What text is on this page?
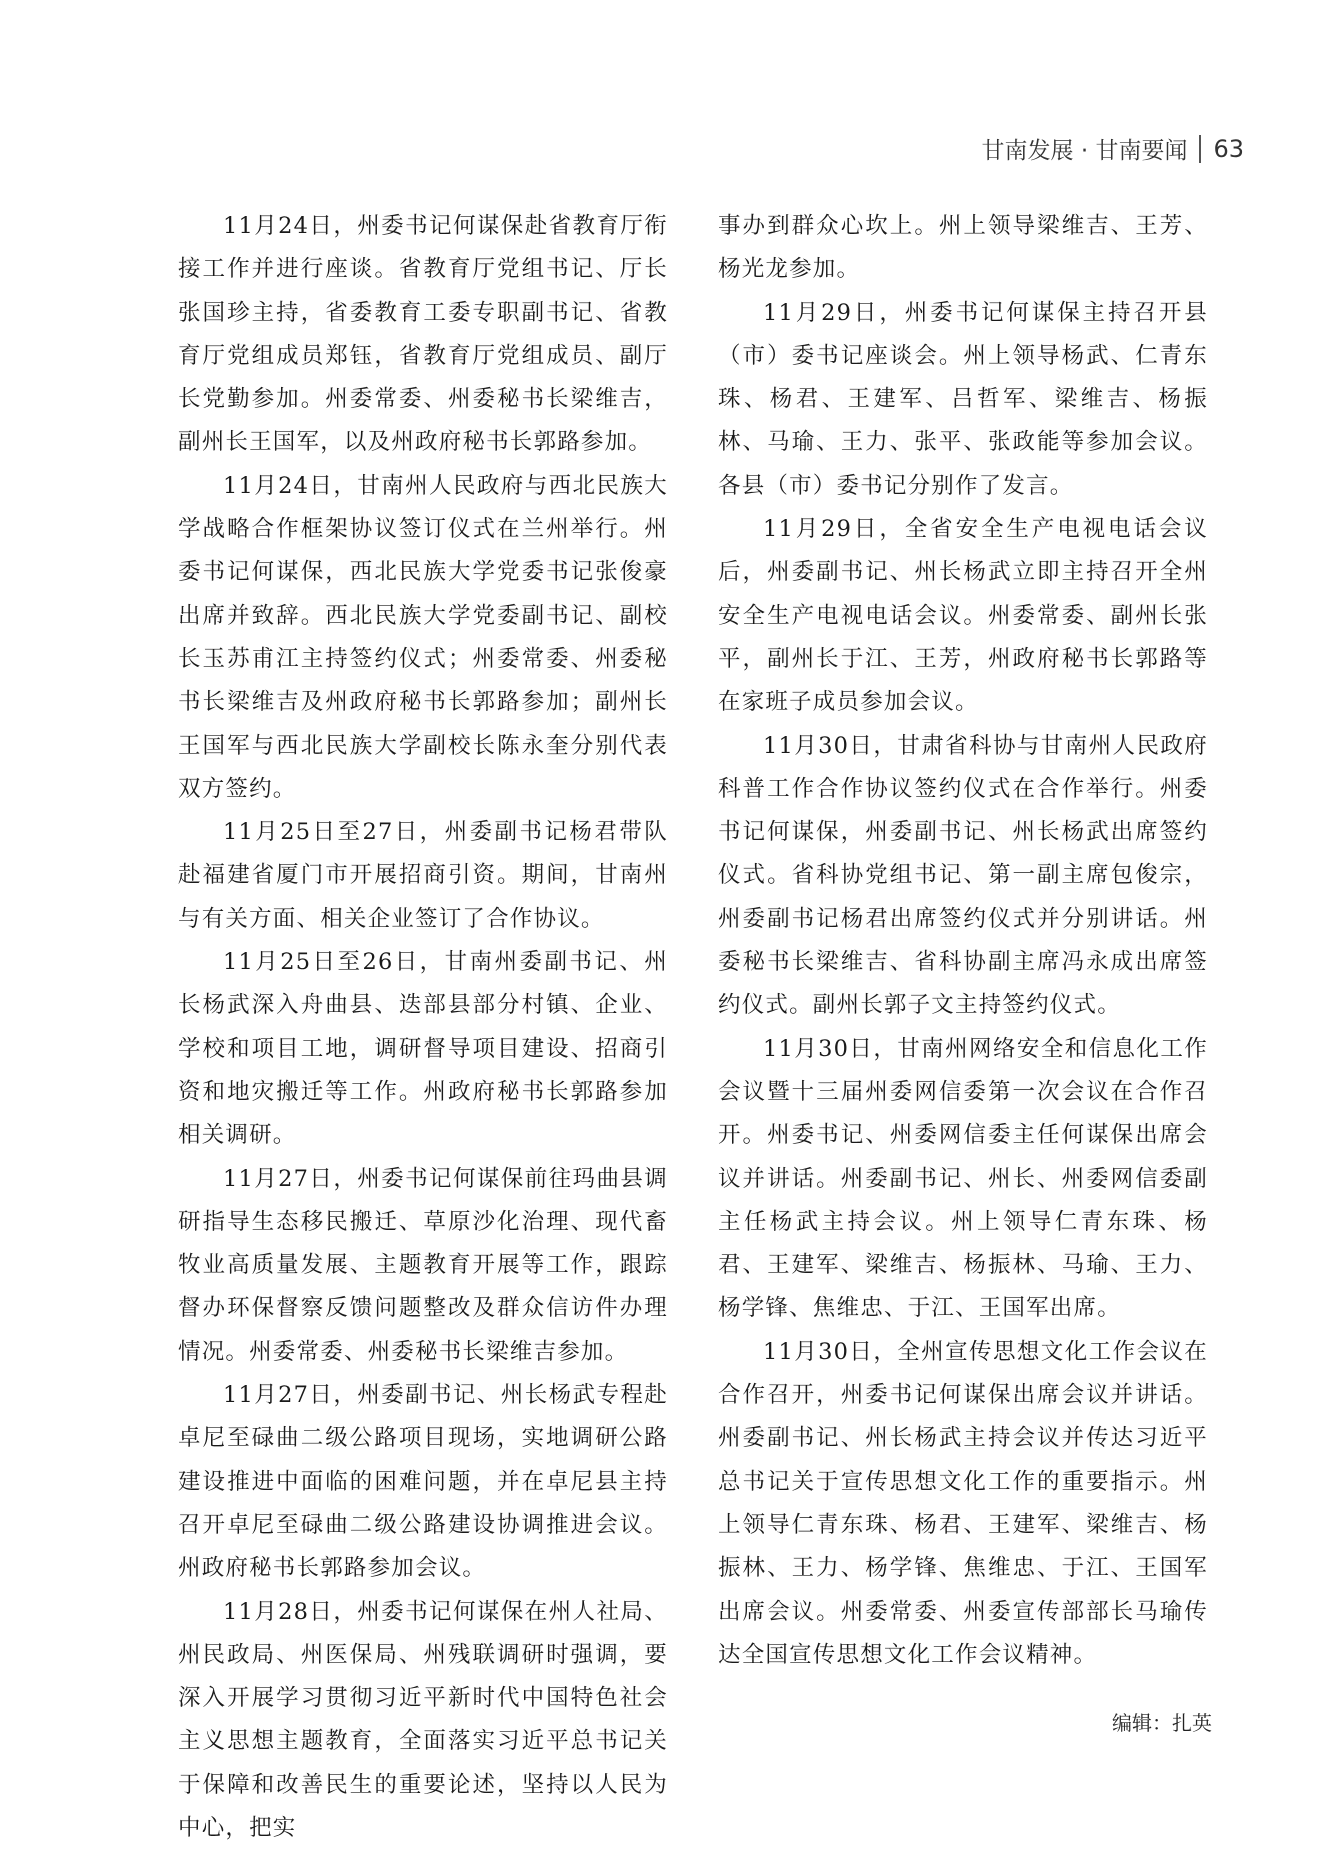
甘南发展 · 甘南要闻 63

11月24日，州委书记何谋保赴省教育厅衔接工作并进行座谈。省教育厅党组书记、厅长张国珍主持，省委教育工委专职副书记、省教育厅党组成员郑钰，省教育厅党组成员、副厅长党勤参加。州委常委、州委秘书长梁维吉，副州长王国军，以及州政府秘书长郭路参加。

11月24日，甘南州人民政府与西北民族大学战略合作框架协议签订仪式在兰州举行。州委书记何谋保，西北民族大学党委书记张俊豪出席并致辞。西北民族大学党委副书记、副校长玉苏甫江主持签约仪式；州委常委、州委秘书长梁维吉及州政府秘书长郭路参加；副州长王国军与西北民族大学副校长陈永奎分别代表双方签约。

11月25日至27日，州委副书记杨君带队赴福建省厦门市开展招商引资。期间，甘南州与有关方面、相关企业签订了合作协议。

11月25日至26日，甘南州委副书记、州长杨武深入舟曲县、迭部县部分村镇、企业、学校和项目工地，调研督导项目建设、招商引资和地灾搬迁等工作。州政府秘书长郭路参加相关调研。

11月27日，州委书记何谋保前往玛曲县调研指导生态移民搬迁、草原沙化治理、现代畜牧业高质量发展、主题教育开展等工作，跟踪督办环保督察反馈问题整改及群众信访件办理情况。州委常委、州委秘书长梁维吉参加。

11月27日，州委副书记、州长杨武专程赴卓尼至碌曲二级公路项目现场，实地调研公路建设推进中面临的困难问题，并在卓尼县主持召开卓尼至碌曲二级公路建设协调推进会议。州政府秘书长郭路参加会议。

11月28日，州委书记何谋保在州人社局、州民政局、州医保局、州残联调研时强调，要深入开展学习贯彻习近平新时代中国特色社会主义思想主题教育，全面落实习近平总书记关于保障和改善民生的重要论述，坚持以人民为中心，把实

事办到群众心坎上。州上领导梁维吉、王芳、杨光龙参加。

11月29日，州委书记何谋保主持召开县（市）委书记座谈会。州上领导杨武、仁青东珠、杨君、王建军、吕哲军、梁维吉、杨振林、马瑜、王力、张平、张政能等参加会议。各县（市）委书记分别作了发言。

11月29日，全省安全生产电视电话会议后，州委副书记、州长杨武立即主持召开全州安全生产电视电话会议。州委常委、副州长张平，副州长于江、王芳，州政府秘书长郭路等在家班子成员参加会议。

11月30日，甘肃省科协与甘南州人民政府科普工作合作协议签约仪式在合作举行。州委书记何谋保，州委副书记、州长杨武出席签约仪式。省科协党组书记、第一副主席包俊宗，州委副书记杨君出席签约仪式并分别讲话。州委秘书长梁维吉、省科协副主席冯永成出席签约仪式。副州长郭子文主持签约仪式。

11月30日，甘南州网络安全和信息化工作会议暨十三届州委网信委第一次会议在合作召开。州委书记、州委网信委主任何谋保出席会议并讲话。州委副书记、州长、州委网信委副主任杨武主持会议。州上领导仁青东珠、杨君、王建军、梁维吉、杨振林、马瑜、王力、杨学锋、焦维忠、于江、王国军出席。

11月30日，全州宣传思想文化工作会议在合作召开，州委书记何谋保出席会议并讲话。州委副书记、州长杨武主持会议并传达习近平总书记关于宣传思想文化工作的重要指示。州上领导仁青东珠、杨君、王建军、梁维吉、杨振林、王力、杨学锋、焦维忠、于江、王国军出席会议。州委常委、州委宣传部部长马瑜传达全国宣传思想文化工作会议精神。

编辑：扎英
